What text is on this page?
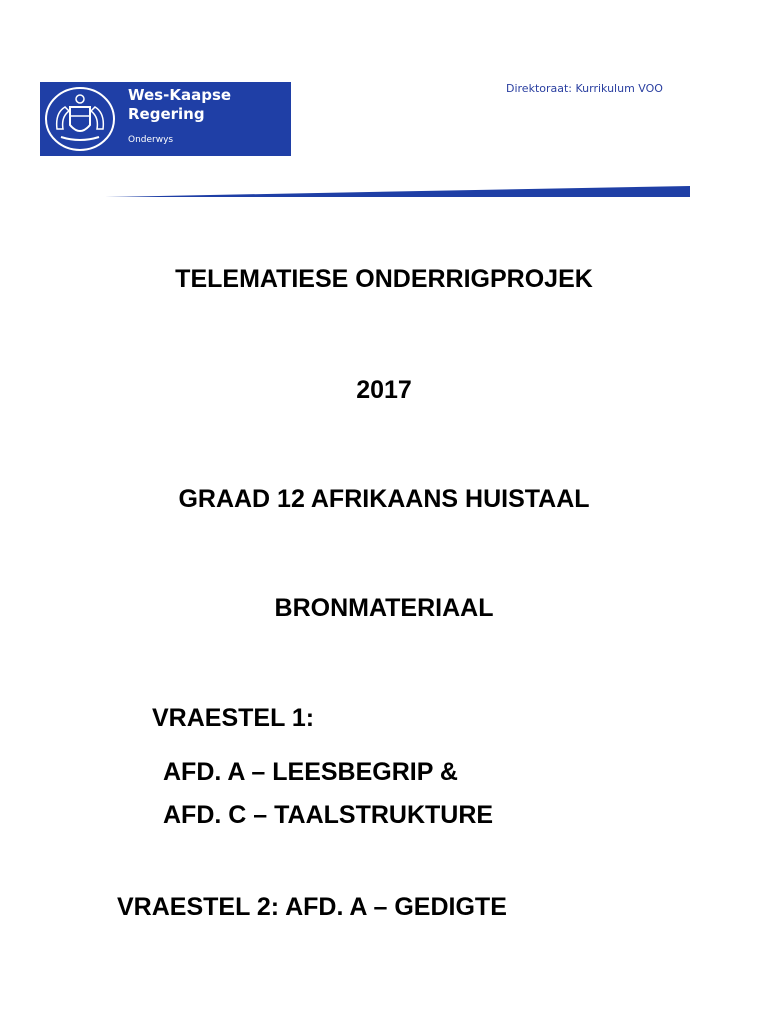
Wes-Kaapse
Regering
Onderwys
Direktoraat: Kurrikulum VOO
TELEMATIESE ONDERRIGPROJEK
2017
GRAAD 12 AFRIKAANS HUISTAAL
BRONMATERIAAL

VRAESTEL 1:

AFD. A – LEESBEGRIP &

AFD. C – TAALSTRUKTURE

VRAESTEL 2: AFD. A – GEDIGTE
